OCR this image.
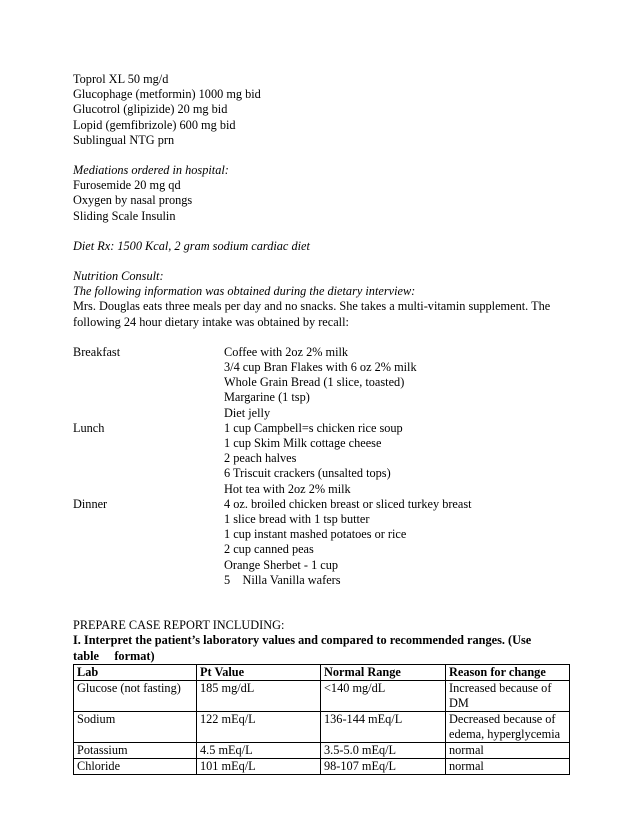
Toprol XL 50 mg/d
Glucophage (metformin) 1000 mg bid
Glucotrol (glipizide) 20 mg bid
Lopid (gemfibrizole) 600 mg bid
Sublingual NTG prn
Mediations ordered in hospital:
Furosemide 20 mg qd
Oxygen by nasal prongs
Sliding Scale Insulin
Diet Rx: 1500 Kcal, 2 gram sodium cardiac diet
Nutrition Consult:
The following information was obtained during the dietary interview:
Mrs. Douglas eats three meals per day and no snacks. She takes a multi-vitamin supplement. The
following 24 hour dietary intake was obtained by recall:
Breakfast	Coffee with 2oz 2% milk
3/4 cup Bran Flakes with 6 oz 2% milk
Whole Grain Bread (1 slice, toasted)
Margarine (1 tsp)
Diet jelly
Lunch	1 cup Campbell=s chicken rice soup
1 cup Skim Milk cottage cheese
2 peach halves
6 Triscuit crackers (unsalted tops)
Hot tea with 2oz 2% milk
Dinner	4 oz. broiled chicken breast or sliced turkey breast
1 slice bread with 1 tsp butter
1 cup instant mashed potatoes or rice
2 cup canned peas
Orange Sherbet - 1 cup
5    Nilla Vanilla wafers
PREPARE CASE REPORT INCLUDING:
I. Interpret the patient’s laboratory values and compared to recommended ranges. (Use
table     format)
Lab	Pt Value	Normal Range	Reason for change
Glucose (not fasting)	185 mg/dL	<140 mg/dL	Increased because of DM
Sodium	122 mEq/L	136-144 mEq/L	Decreased because of edema, hyperglycemia
Potassium	4.5 mEq/L	3.5-5.0 mEq/L	normal
Chloride	101 mEq/L	98-107 mEq/L	normal
